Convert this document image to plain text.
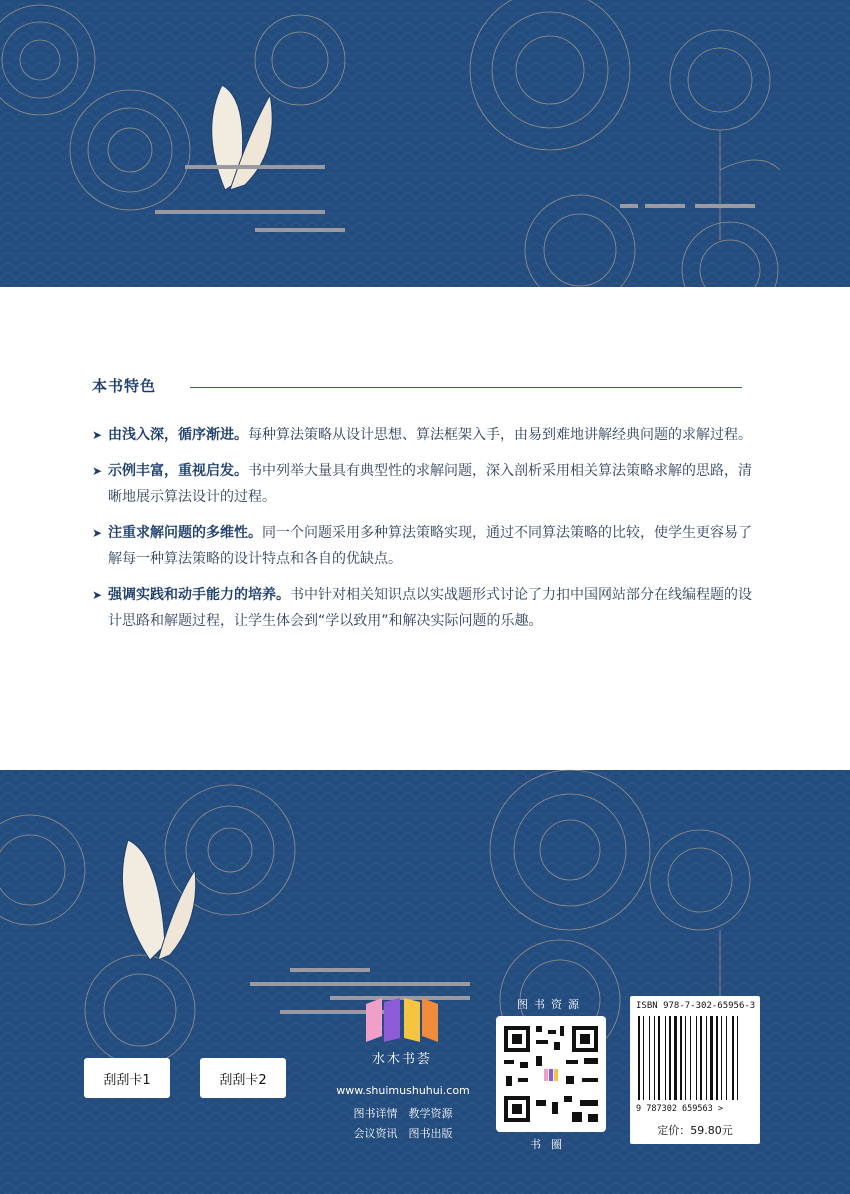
本书特色
➤ 由浅入深，循序渐进。每种算法策略从设计思想、算法框架入手，由易到难地讲解经典问题的求解过程。
➤ 示例丰富，重视启发。书中列举大量具有典型性的求解问题，深入剖析采用相关算法策略求解的思路，清晰地展示算法设计的过程。
➤ 注重求解问题的多维性。同一个问题采用多种算法策略实现，通过不同算法策略的比较，使学生更容易了解每一种算法策略的设计特点和各自的优缺点。
➤ 强调实践和动手能力的培养。书中针对相关知识点以实战题形式讨论了力扣中国网站部分在线编程题的设计思路和解题过程，让学生体会到“学以致用”和解决实际问题的乐趣。
刮刮卡1	刮刮卡2
水木书荟
www.shuimushuhui.com
图书详情　教学资源
会议资讯　图书出版
图书资源
书圈
ISBN 978-7-302-65956-3
9 787302 659563 >
定价：59.80元
